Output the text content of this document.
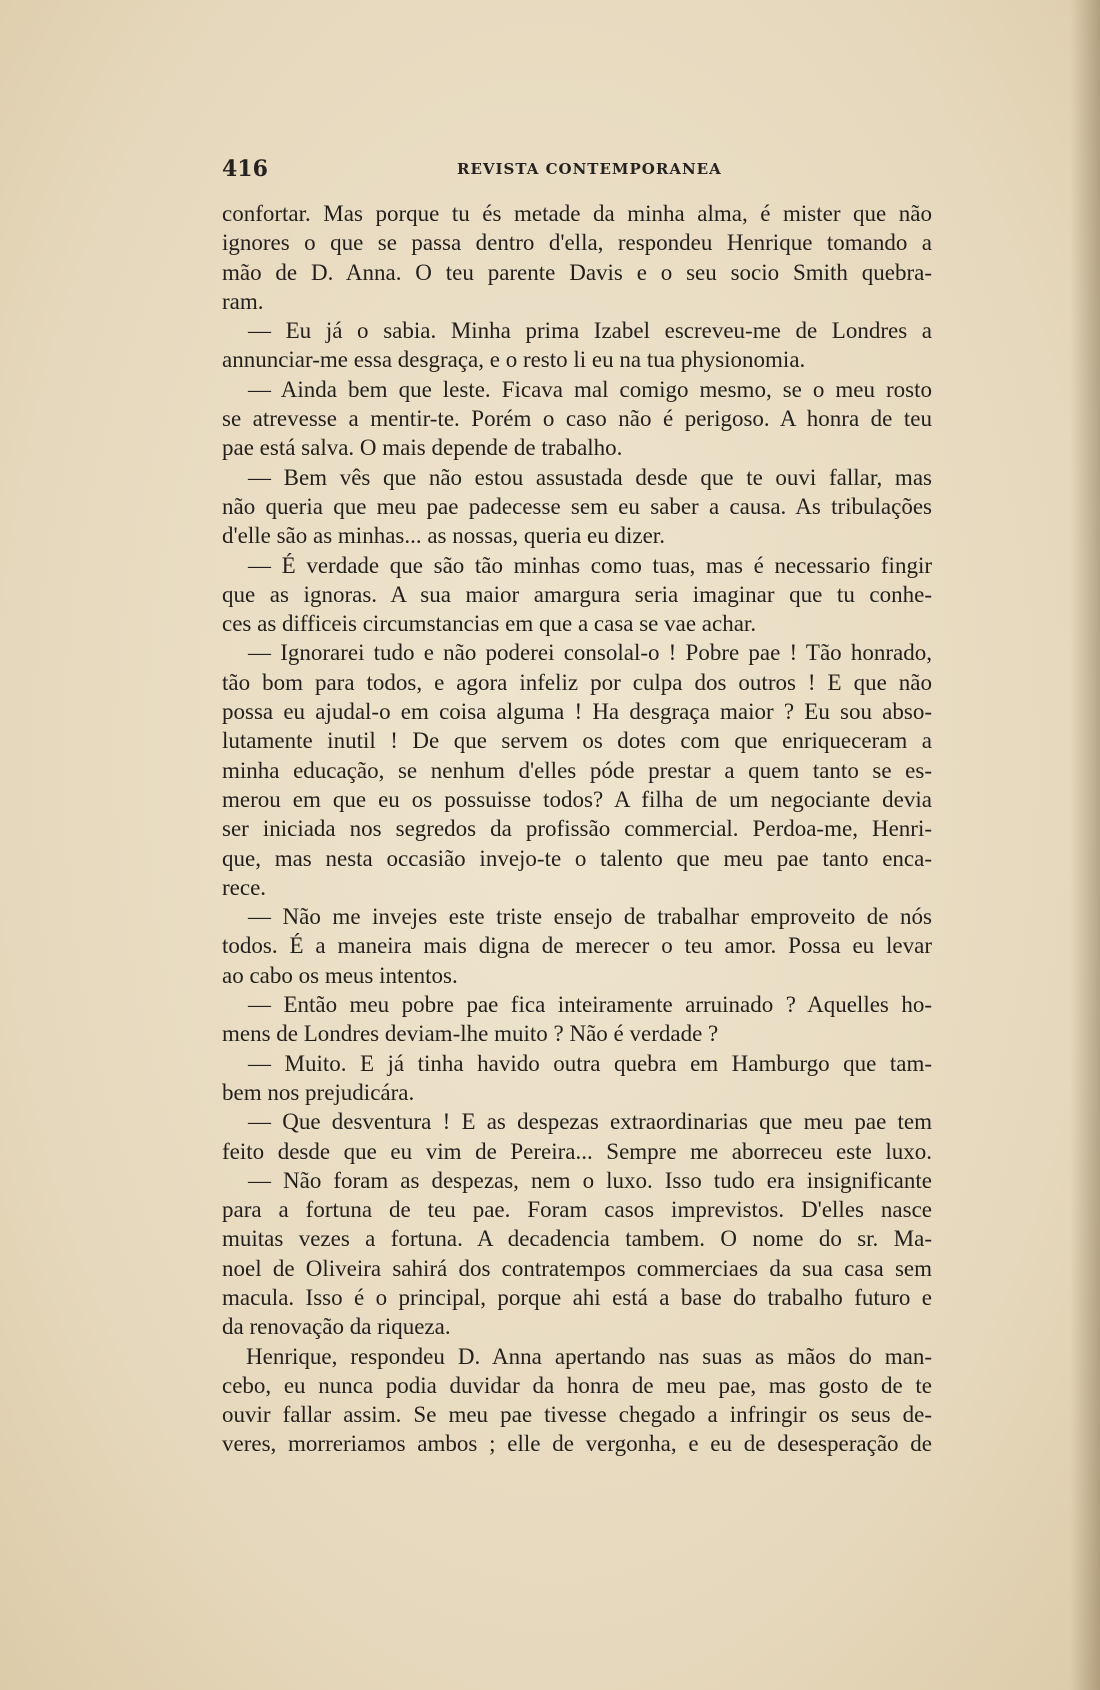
416	REVISTA CONTEMPORANEA
confortar. Mas porque tu és metade da minha alma, é mister que não
ignores o que se passa dentro d'ella, respondeu Henrique tomando a
mão de D. Anna. O teu parente Davis e o seu socio Smith quebra-
ram.
— Eu já o sabia. Minha prima Izabel escreveu-me de Londres a
annunciar-me essa desgraça, e o resto li eu na tua physionomia.
— Ainda bem que leste. Ficava mal comigo mesmo, se o meu rosto
se atrevesse a mentir-te. Porém o caso não é perigoso. A honra de teu
pae está salva. O mais depende de trabalho.
— Bem vês que não estou assustada desde que te ouvi fallar, mas
não queria que meu pae padecesse sem eu saber a causa. As tribulações
d'elle são as minhas... as nossas, queria eu dizer.
— É verdade que são tão minhas como tuas, mas é necessario fingir
que as ignoras. A sua maior amargura seria imaginar que tu conhe-
ces as difficeis circumstancias em que a casa se vae achar.
— Ignorarei tudo e não poderei consolal-o ! Pobre pae ! Tão honrado,
tão bom para todos, e agora infeliz por culpa dos outros ! E que não
possa eu ajudal-o em coisa alguma ! Ha desgraça maior ? Eu sou abso-
lutamente inutil ! De que servem os dotes com que enriqueceram a
minha educação, se nenhum d'elles póde prestar a quem tanto se es-
merou em que eu os possuisse todos? A filha de um negociante devia
ser iniciada nos segredos da profissão commercial. Perdoa-me, Henri-
que, mas nesta occasião invejo-te o talento que meu pae tanto enca-
rece.
— Não me invejes este triste ensejo de trabalhar emproveito de nós
todos. É a maneira mais digna de merecer o teu amor. Possa eu levar
ao cabo os meus intentos.
— Então meu pobre pae fica inteiramente arruinado ? Aquelles ho-
mens de Londres deviam-lhe muito ? Não é verdade ?
— Muito. E já tinha havido outra quebra em Hamburgo que tam-
bem nos prejudicára.
— Que desventura ! E as despezas extraordinarias que meu pae tem
feito desde que eu vim de Pereira... Sempre me aborreceu este luxo.
— Não foram as despezas, nem o luxo. Isso tudo era insignificante
para a fortuna de teu pae. Foram casos imprevistos. D'elles nasce
muitas vezes a fortuna. A decadencia tambem. O nome do sr. Ma-
noel de Oliveira sahirá dos contratempos commerciaes da sua casa sem
macula. Isso é o principal, porque ahi está a base do trabalho futuro e
da renovação da riqueza.
Henrique, respondeu D. Anna apertando nas suas as mãos do man-
cebo, eu nunca podia duvidar da honra de meu pae, mas gosto de te
ouvir fallar assim. Se meu pae tivesse chegado a infringir os seus de-
veres, morreriamos ambos ; elle de vergonha, e eu de desesperação de
